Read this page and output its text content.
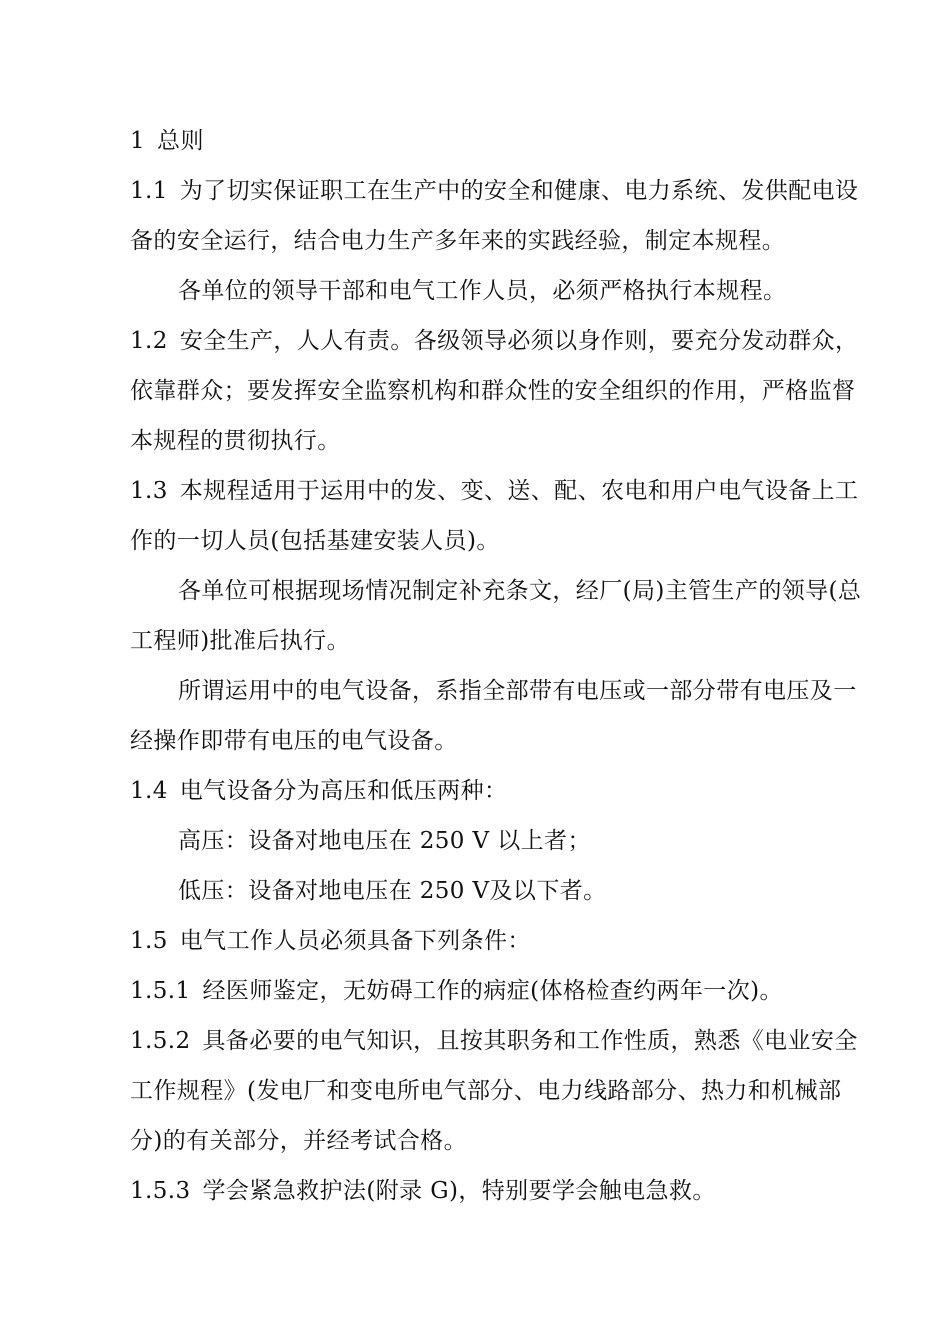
1 总则
1.1 为了切实保证职工在生产中的安全和健康、电力系统、发供配电设
备的安全运行，结合电力生产多年来的实践经验，制定本规程。
各单位的领导干部和电气工作人员，必须严格执行本规程。
1.2 安全生产，人人有责。各级领导必须以身作则，要充分发动群众，
依靠群众；要发挥安全监察机构和群众性的安全组织的作用，严格监督
本规程的贯彻执行。
1.3 本规程适用于运用中的发、变、送、配、农电和用户电气设备上工
作的一切人员(包括基建安装人员)。
各单位可根据现场情况制定补充条文，经厂(局)主管生产的领导(总
工程师)批准后执行。
所谓运用中的电气设备，系指全部带有电压或一部分带有电压及一
经操作即带有电压的电气设备。
1.4 电气设备分为高压和低压两种：
高压：设备对地电压在 250 V 以上者；
低压：设备对地电压在 250 V及以下者。
1.5 电气工作人员必须具备下列条件：
1.5.1 经医师鉴定，无妨碍工作的病症(体格检查约两年一次)。
1.5.2 具备必要的电气知识，且按其职务和工作性质，熟悉《电业安全
工作规程》(发电厂和变电所电气部分、电力线路部分、热力和机械部
分)的有关部分，并经考试合格。
1.5.3 学会紧急救护法(附录 G)，特别要学会触电急救。
